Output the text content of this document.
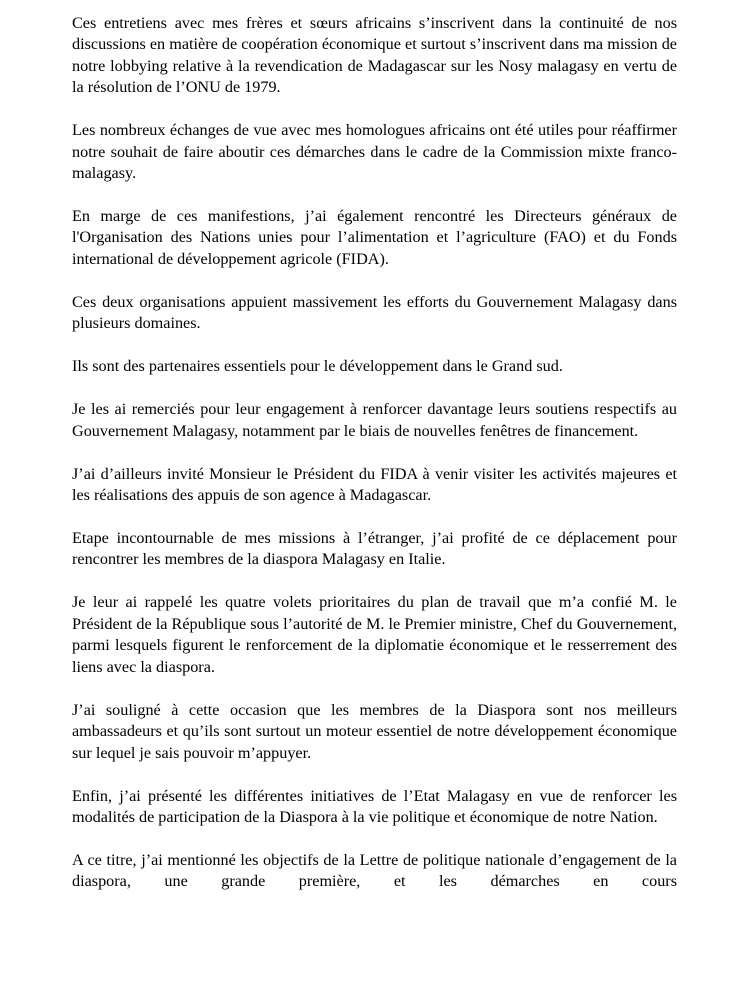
Ces entretiens avec mes frères et sœurs africains s’inscrivent dans la continuité de nos discussions en matière de coopération économique et surtout s’inscrivent dans ma mission de notre lobbying relative à la revendication de Madagascar sur les Nosy malagasy en vertu de la résolution de l’ONU de 1979.

Les nombreux échanges de vue avec mes homologues africains ont été utiles pour réaffirmer notre souhait de faire aboutir ces démarches dans le cadre de la Commission mixte franco-malagasy.

En marge de ces manifestions, j’ai également rencontré les Directeurs généraux de l'Organisation des Nations unies pour l’alimentation et l’agriculture (FAO) et du Fonds international de développement agricole (FIDA).

Ces deux organisations appuient massivement les efforts du Gouvernement Malagasy dans plusieurs domaines.

Ils sont des partenaires essentiels pour le développement dans le Grand sud.

Je les ai remerciés pour leur engagement à renforcer davantage leurs soutiens respectifs au Gouvernement Malagasy, notamment par le biais de nouvelles fenêtres de financement.

J’ai d’ailleurs invité Monsieur le Président du FIDA à venir visiter les activités majeures et les réalisations des appuis de son agence à Madagascar.

Etape incontournable de mes missions à l’étranger, j’ai profité de ce déplacement pour rencontrer les membres de la diaspora Malagasy en Italie.

Je leur ai rappelé les quatre volets prioritaires du plan de travail que m’a confié M. le Président de la République sous l’autorité de M. le Premier ministre, Chef du Gouvernement, parmi lesquels figurent le renforcement de la diplomatie économique et le resserrement des liens avec la diaspora.

J’ai souligné à cette occasion que les membres de la Diaspora sont nos meilleurs ambassadeurs et qu’ils sont surtout un moteur essentiel de notre développement économique sur lequel je sais pouvoir m’appuyer.

Enfin, j’ai présenté les différentes initiatives de l’Etat Malagasy en vue de renforcer les modalités de participation de la Diaspora à la vie politique et économique de notre Nation.

A ce titre, j’ai mentionné les objectifs de la Lettre de politique nationale d’engagement de la diaspora, une grande première, et les démarches en cours
